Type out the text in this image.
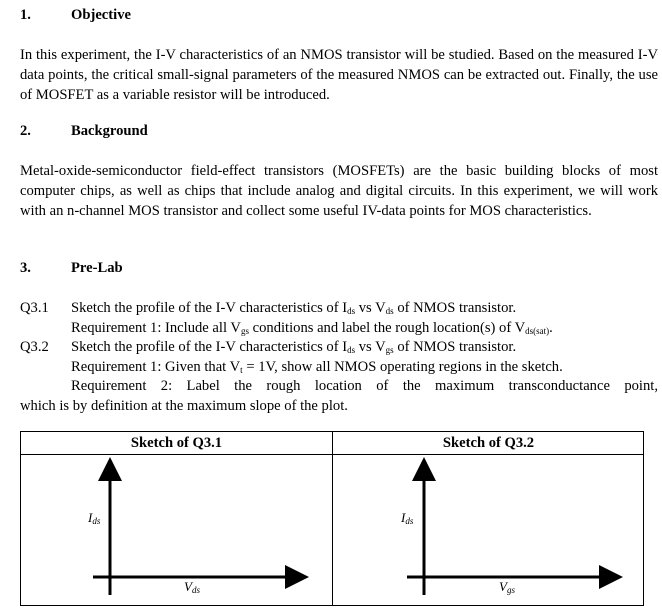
1.	Objective
In this experiment, the I-V characteristics of an NMOS transistor will be studied. Based on the measured I-V data points, the critical small-signal parameters of the measured NMOS can be extracted out. Finally, the use of MOSFET as a variable resistor will be introduced.
2.	Background
Metal-oxide-semiconductor field-effect transistors (MOSFETs) are the basic building blocks of most computer chips, as well as chips that include analog and digital circuits. In this experiment, we will work with an n-channel MOS transistor and collect some useful IV-data points for MOS characteristics.
3.	Pre-Lab
Q3.1 Sketch the profile of the I-V characteristics of $I_{ds}$ vs $V_{ds}$ of NMOS transistor.
Requirement 1: Include all $V_{gs}$ conditions and label the rough location(s) of $V_{ds(sat)}$.
Q3.2 Sketch the profile of the I-V characteristics of $I_{ds}$ vs $V_{gs}$ of NMOS transistor.
Requirement 1: Given that $V_t = 1V$, show all NMOS operating regions in the sketch.
Requirement 2: Label the rough location of the maximum transconductance point,
which is by definition at the maximum slope of the plot.
Sketch of Q3.1	Sketch of Q3.2
$I_{ds}$
$V_{ds}$
$I_{ds}$
$V_{gs}$
